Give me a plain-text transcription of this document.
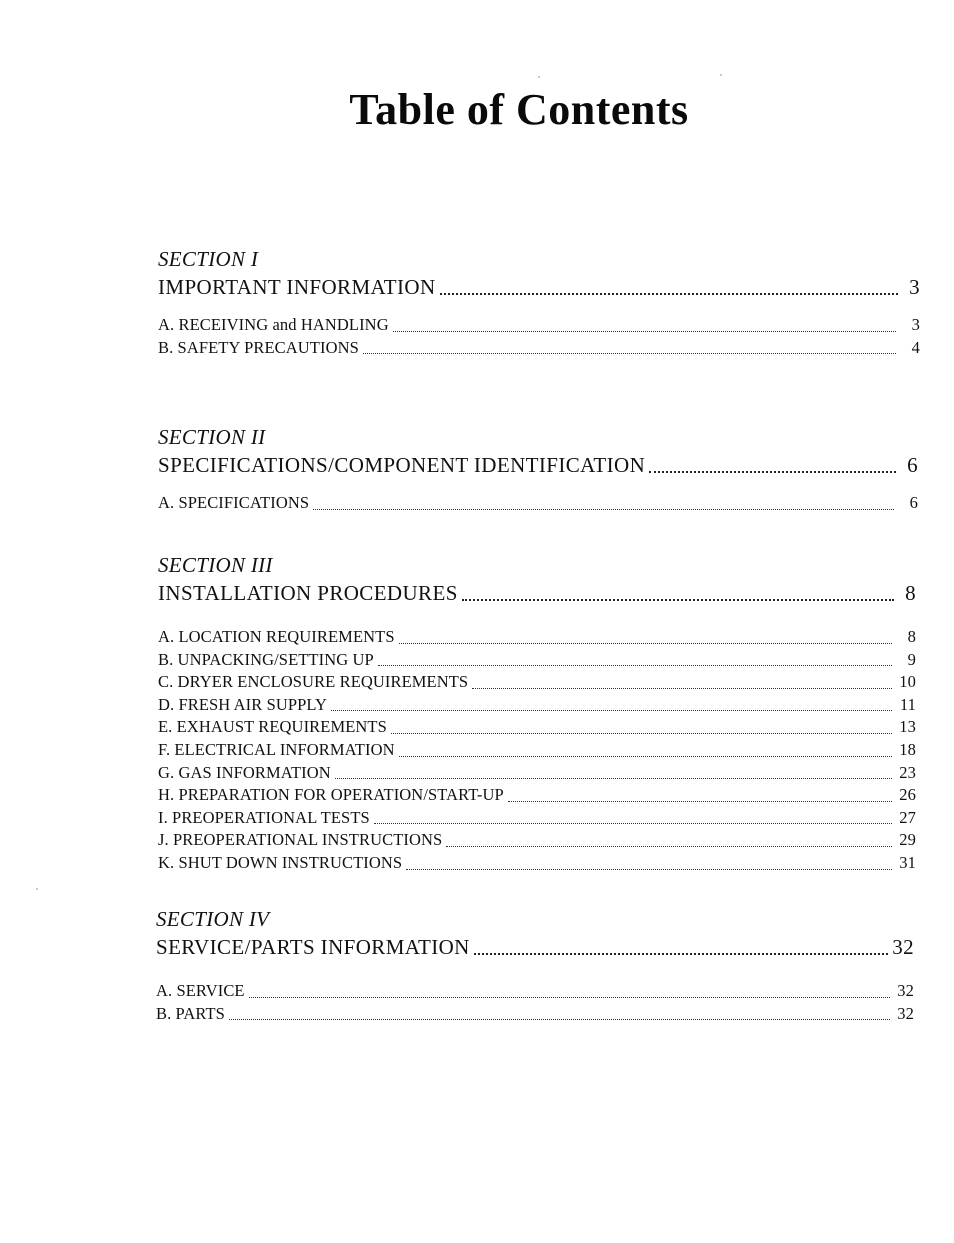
Table of Contents
SECTION I
IMPORTANT INFORMATION	3
A. RECEIVING and HANDLING	3
B. SAFETY PRECAUTIONS	4
SECTION II
SPECIFICATIONS/COMPONENT IDENTIFICATION	6
A. SPECIFICATIONS	6
SECTION III
INSTALLATION PROCEDURES	8
A. LOCATION REQUIREMENTS	8
B. UNPACKING/SETTING UP	9
C. DRYER ENCLOSURE REQUIREMENTS	10
D. FRESH AIR SUPPLY	11
E. EXHAUST REQUIREMENTS	13
F. ELECTRICAL INFORMATION	18
G. GAS INFORMATION	23
H. PREPARATION FOR OPERATION/START-UP	26
I. PREOPERATIONAL TESTS	27
J. PREOPERATIONAL INSTRUCTIONS	29
K. SHUT DOWN INSTRUCTIONS	31
SECTION IV
SERVICE/PARTS INFORMATION	32
A. SERVICE	32
B. PARTS	32
